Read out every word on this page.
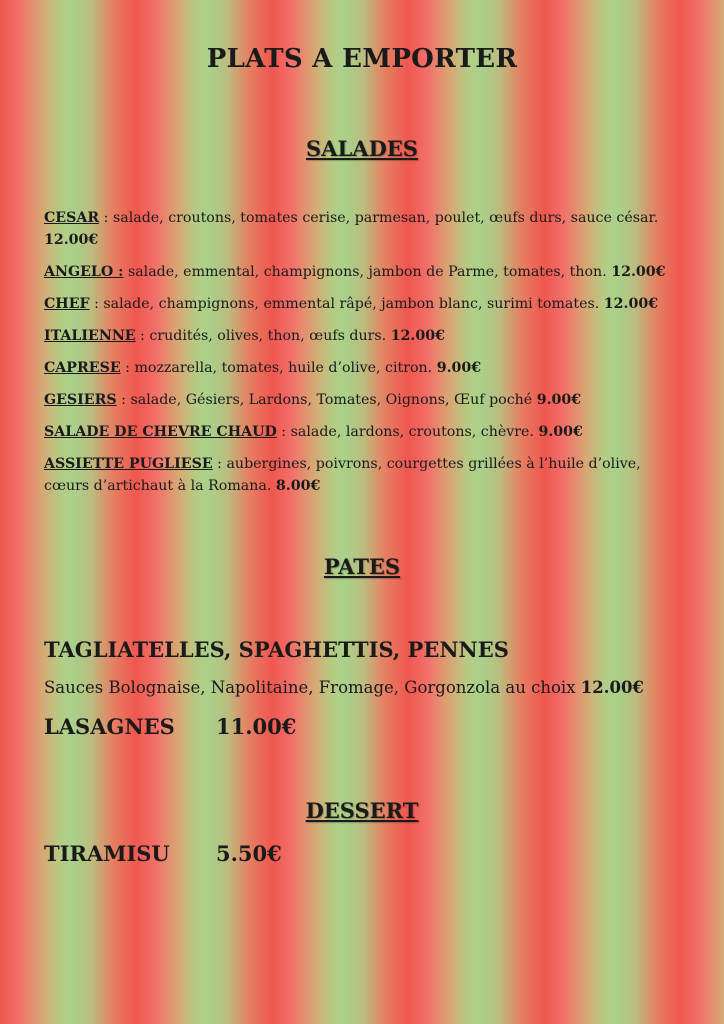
PLATS A EMPORTER
SALADES
CESAR : salade, croutons, tomates cerise, parmesan, poulet, œufs durs, sauce césar. 12.00€
ANGELO : salade, emmental, champignons, jambon de Parme, tomates, thon. 12.00€
CHEF : salade, champignons, emmental râpé, jambon blanc, surimi tomates. 12.00€
ITALIENNE : crudités, olives, thon, œufs durs. 12.00€
CAPRESE : mozzarella, tomates, huile d’olive, citron. 9.00€
GESIERS : salade, Gésiers, Lardons, Tomates, Oignons, Œuf poché 9.00€
SALADE DE CHEVRE CHAUD : salade, lardons, croutons, chèvre. 9.00€
ASSIETTE PUGLIESE : aubergines, poivrons, courgettes grillées à l’huile d’olive, cœurs d’artichaut à la Romana. 8.00€
PATES
TAGLIATELLES, SPAGHETTIS, PENNES
Sauces Bolognaise, Napolitaine, Fromage, Gorgonzola au choix 12.00€
LASAGNES 11.00€
DESSERT
TIRAMISU 5.50€
